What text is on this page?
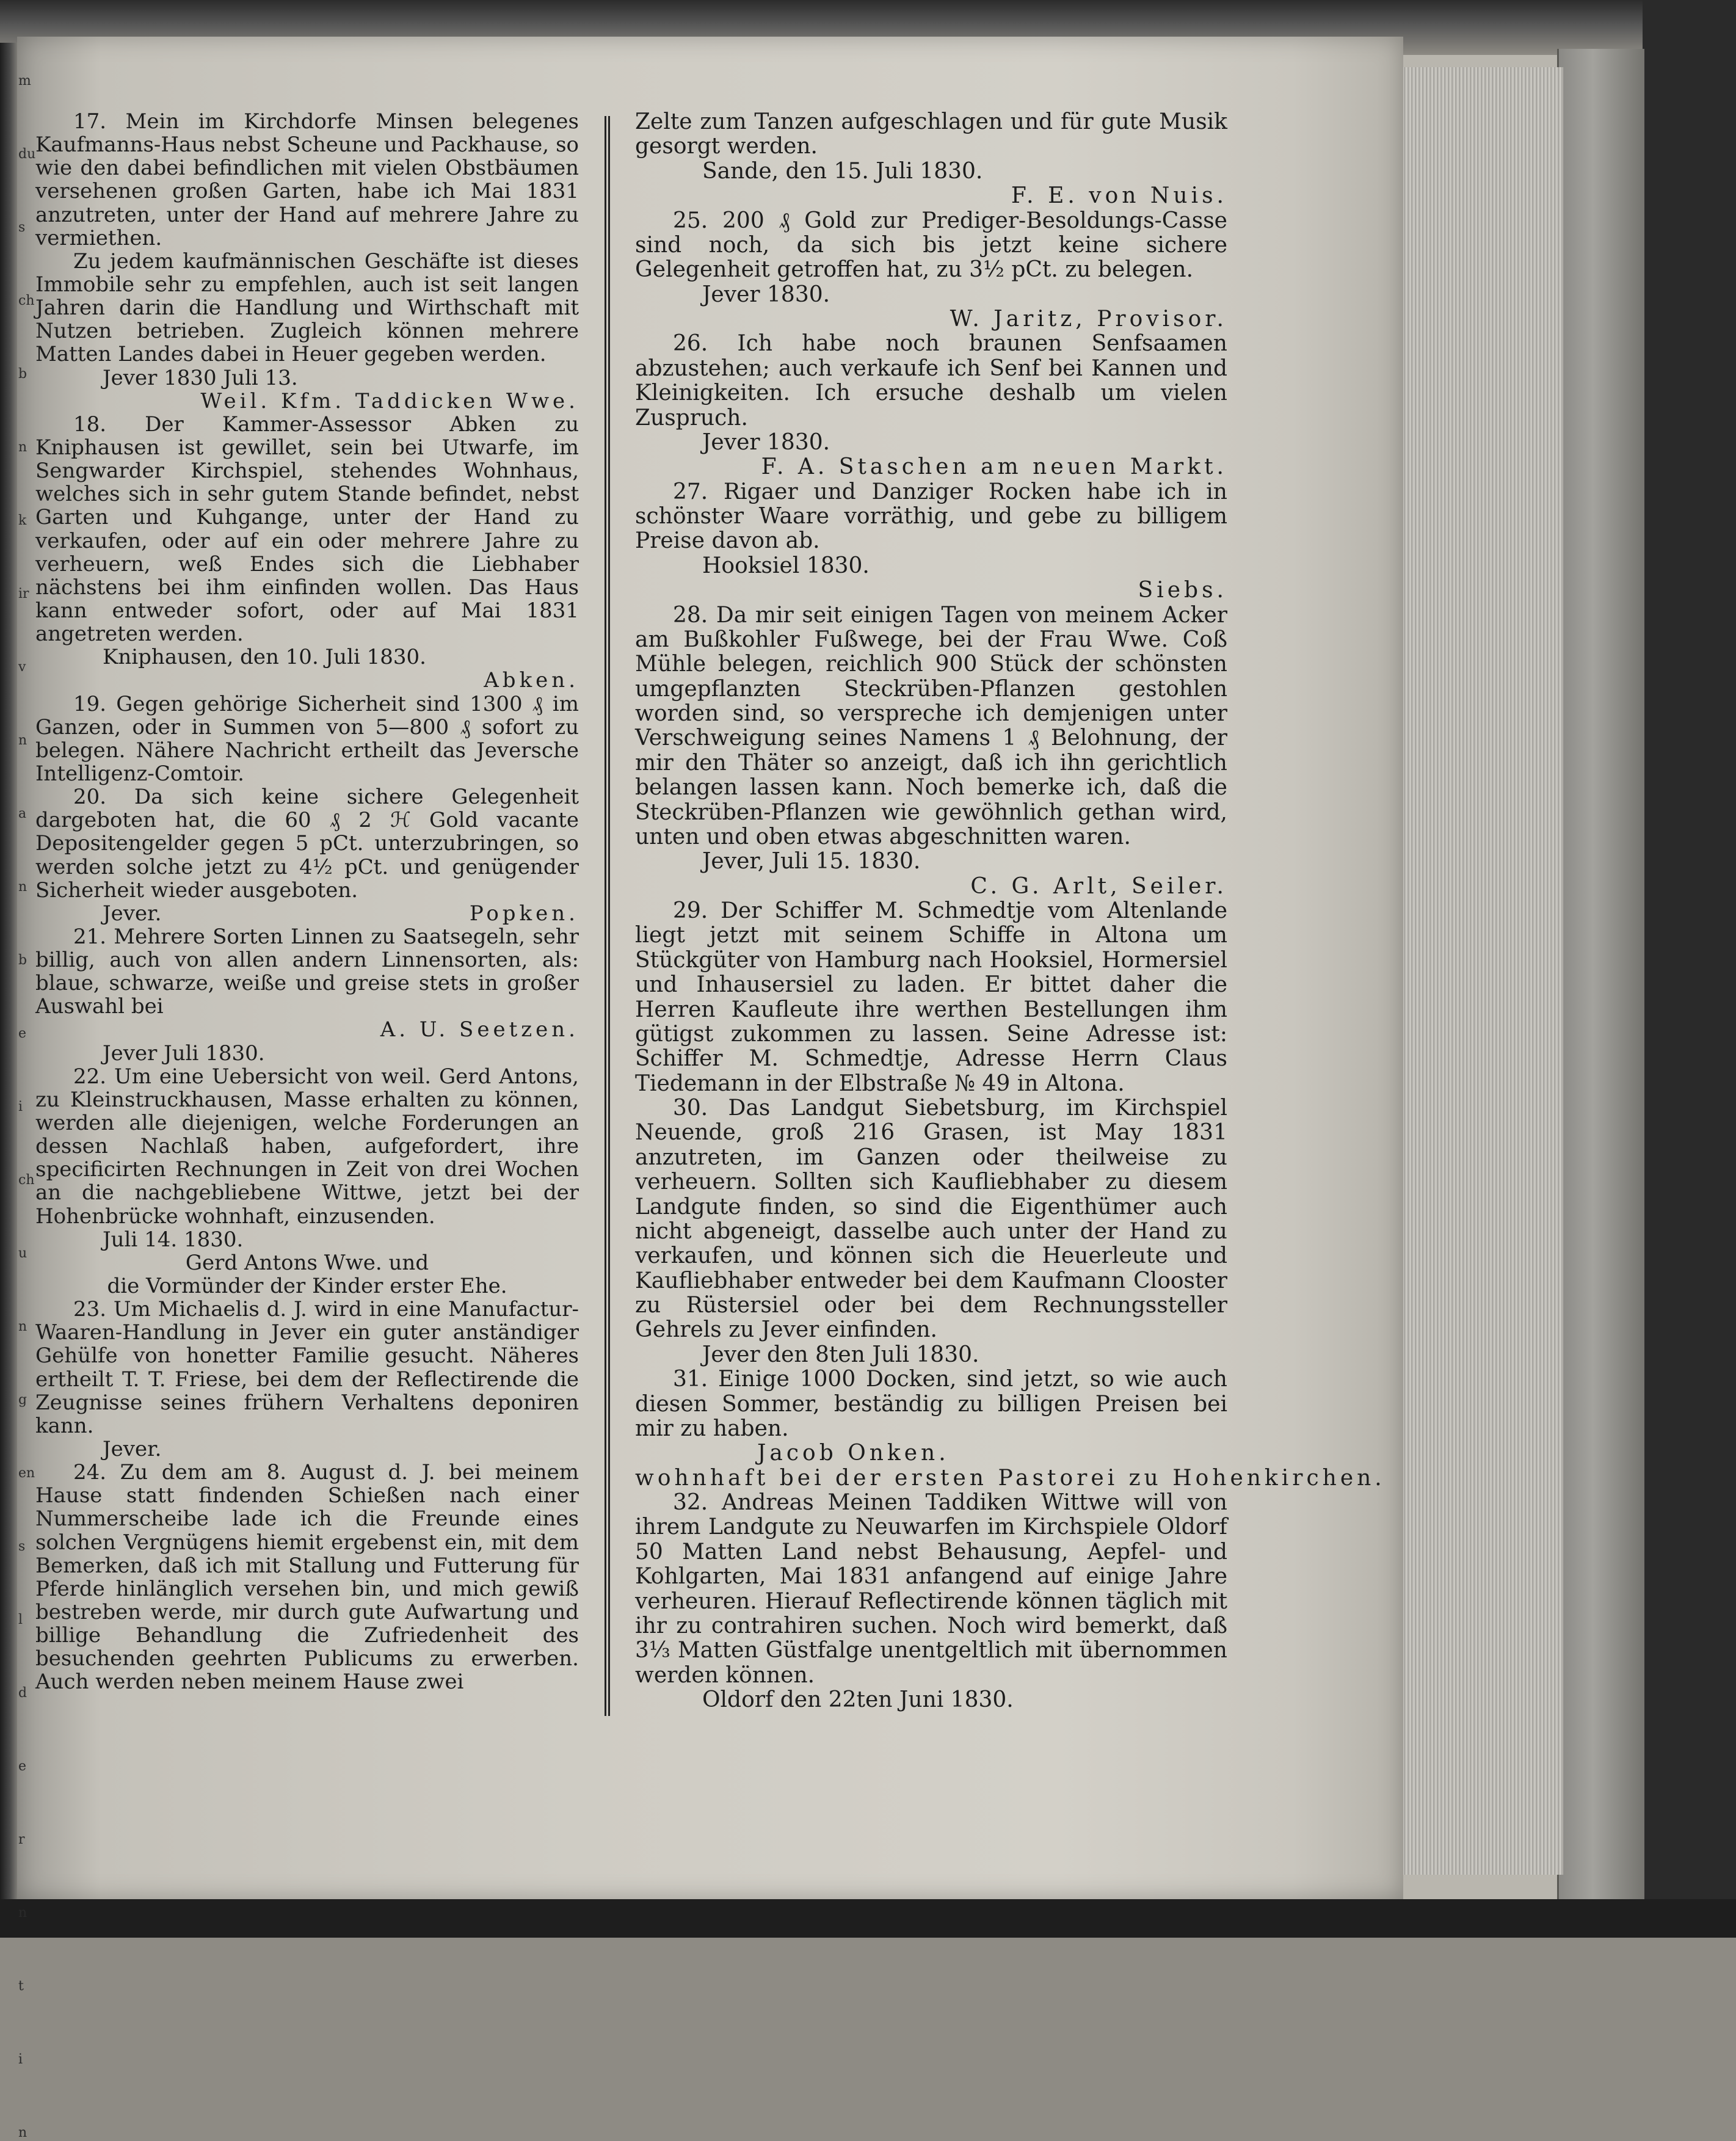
m
du
s
ch
b
n
k
ir
v
n
a
n
b
e
i
ch
u
n
g
en
s
l
d
e
r
n
t
i
n

17. Mein im Kirchdorfe Minsen belegenes Kaufmanns-Haus nebst Scheune und Packhause, so wie den dabei befindlichen mit vielen Obstbäumen versehenen großen Garten, habe ich Mai 1831 anzutreten, unter der Hand auf mehrere Jahre zu vermiethen.

Zu jedem kaufmännischen Geschäfte ist dieses Immobile sehr zu empfehlen, auch ist seit langen Jahren darin die Handlung und Wirthschaft mit Nutzen betrieben. Zugleich können mehrere Matten Landes dabei in Heuer gegeben werden.

Jever 1830 Juli 13.
Weil. Kfm. Taddicken Wwe.

18. Der Kammer-Assessor Abken zu Kniphausen ist gewillet, sein bei Utwarfe, im Sengwarder Kirchspiel, stehendes Wohnhaus, welches sich in sehr gutem Stande befindet, nebst Garten und Kuhgange, unter der Hand zu verkaufen, oder auf ein oder mehrere Jahre zu verheuern, weß Endes sich die Liebhaber nächstens bei ihm einfinden wollen. Das Haus kann entweder sofort, oder auf Mai 1831 angetreten werden.

Kniphausen, den 10. Juli 1830.
Abken.

19. Gegen gehörige Sicherheit sind 1300 ₰ im Ganzen, oder in Summen von 5—800 ₰ sofort zu belegen. Nähere Nachricht ertheilt das Jeversche Intelligenz-Comtoir.

20. Da sich keine sichere Gelegenheit dargeboten hat, die 60 ₰ 2 ℋ Gold vacante Depositengelder gegen 5 pCt. unterzubringen, so werden solche jetzt zu 4½ pCt. und genügender Sicherheit wieder ausgeboten.

Jever.	Popken.

21. Mehrere Sorten Linnen zu Saatsegeln, sehr billig, auch von allen andern Linnensorten, als: blaue, schwarze, weiße und greise stets in großer Auswahl bei

A. U. Seetzen.
Jever Juli 1830.

22. Um eine Uebersicht von weil. Gerd Antons, zu Kleinstruckhausen, Masse erhalten zu können, werden alle diejenigen, welche Forderungen an dessen Nachlaß haben, aufgefordert, ihre specificirten Rechnungen in Zeit von drei Wochen an die nachgebliebene Wittwe, jetzt bei der Hohenbrücke wohnhaft, einzusenden.

Juli 14. 1830.
Gerd Antons Wwe. und
die Vormünder der Kinder erster Ehe.

23. Um Michaelis d. J. wird in eine Manufactur-Waaren-Handlung in Jever ein guter anständiger Gehülfe von honetter Familie gesucht. Näheres ertheilt T. T. Friese, bei dem der Reflectirende die Zeugnisse seines frühern Verhaltens deponiren kann.

Jever.

24. Zu dem am 8. August d. J. bei meinem Hause statt findenden Schießen nach einer Nummerscheibe lade ich die Freunde eines solchen Vergnügens hiemit ergebenst ein, mit dem Bemerken, daß ich mit Stallung und Futterung für Pferde hinlänglich versehen bin, und mich gewiß bestreben werde, mir durch gute Aufwartung und billige Behandlung die Zufriedenheit des besuchenden geehrten Publicums zu erwerben. Auch werden neben meinem Hause zwei

Zelte zum Tanzen aufgeschlagen und für gute Musik gesorgt werden.

Sande, den 15. Juli 1830.
F. E. von Nuis.

25. 200 ₰ Gold zur Prediger-Besoldungs-Casse sind noch, da sich bis jetzt keine sichere Gelegenheit getroffen hat, zu 3½ pCt. zu belegen.

Jever 1830.
W. Jaritz, Provisor.

26. Ich habe noch braunen Senfsaamen abzustehen; auch verkaufe ich Senf bei Kannen und Kleinigkeiten. Ich ersuche deshalb um vielen Zuspruch.

Jever 1830.
F. A. Staschen am neuen Markt.

27. Rigaer und Danziger Rocken habe ich in schönster Waare vorräthig, und gebe zu billigem Preise davon ab.

Hooksiel 1830.
Siebs.

28. Da mir seit einigen Tagen von meinem Acker am Bußkohler Fußwege, bei der Frau Wwe. Coß Mühle belegen, reichlich 900 Stück der schönsten umgepflanzten Steckrüben-Pflanzen gestohlen worden sind, so verspreche ich demjenigen unter Verschweigung seines Namens 1 ₰ Belohnung, der mir den Thäter so anzeigt, daß ich ihn gerichtlich belangen lassen kann. Noch bemerke ich, daß die Steckrüben-Pflanzen wie gewöhnlich gethan wird, unten und oben etwas abgeschnitten waren.

Jever, Juli 15. 1830.
C. G. Arlt, Seiler.

29. Der Schiffer M. Schmedtje vom Altenlande liegt jetzt mit seinem Schiffe in Altona um Stückgüter von Hamburg nach Hooksiel, Hormersiel und Inhausersiel zu laden. Er bittet daher die Herren Kaufleute ihre werthen Bestellungen ihm gütigst zukommen zu lassen. Seine Adresse ist: Schiffer M. Schmedtje, Adresse Herrn Claus Tiedemann in der Elbstraße № 49 in Altona.

30. Das Landgut Siebetsburg, im Kirchspiel Neuende, groß 216 Grasen, ist May 1831 anzutreten, im Ganzen oder theilweise zu verheuern. Sollten sich Kaufliebhaber zu diesem Landgute finden, so sind die Eigenthümer auch nicht abgeneigt, dasselbe auch unter der Hand zu verkaufen, und können sich die Heuerleute und Kaufliebhaber entweder bei dem Kaufmann Clooster zu Rüstersiel oder bei dem Rechnungssteller Gehrels zu Jever einfinden.

Jever den 8ten Juli 1830.

31. Einige 1000 Docken, sind jetzt, so wie auch diesen Sommer, beständig zu billigen Preisen bei mir zu haben.

Jacob Onken.
wohnhaft bei der ersten Pastorei zu Hohenkirchen.

32. Andreas Meinen Taddiken Wittwe will von ihrem Landgute zu Neuwarfen im Kirchspiele Oldorf 50 Matten Land nebst Behausung, Aepfel- und Kohlgarten, Mai 1831 anfangend auf einige Jahre verheuren. Hierauf Reflectirende können täglich mit ihr zu contrahiren suchen. Noch wird bemerkt, daß 3⅓ Matten Güstfalge unentgeltlich mit übernommen werden können.

Oldorf den 22ten Juni 1830.
